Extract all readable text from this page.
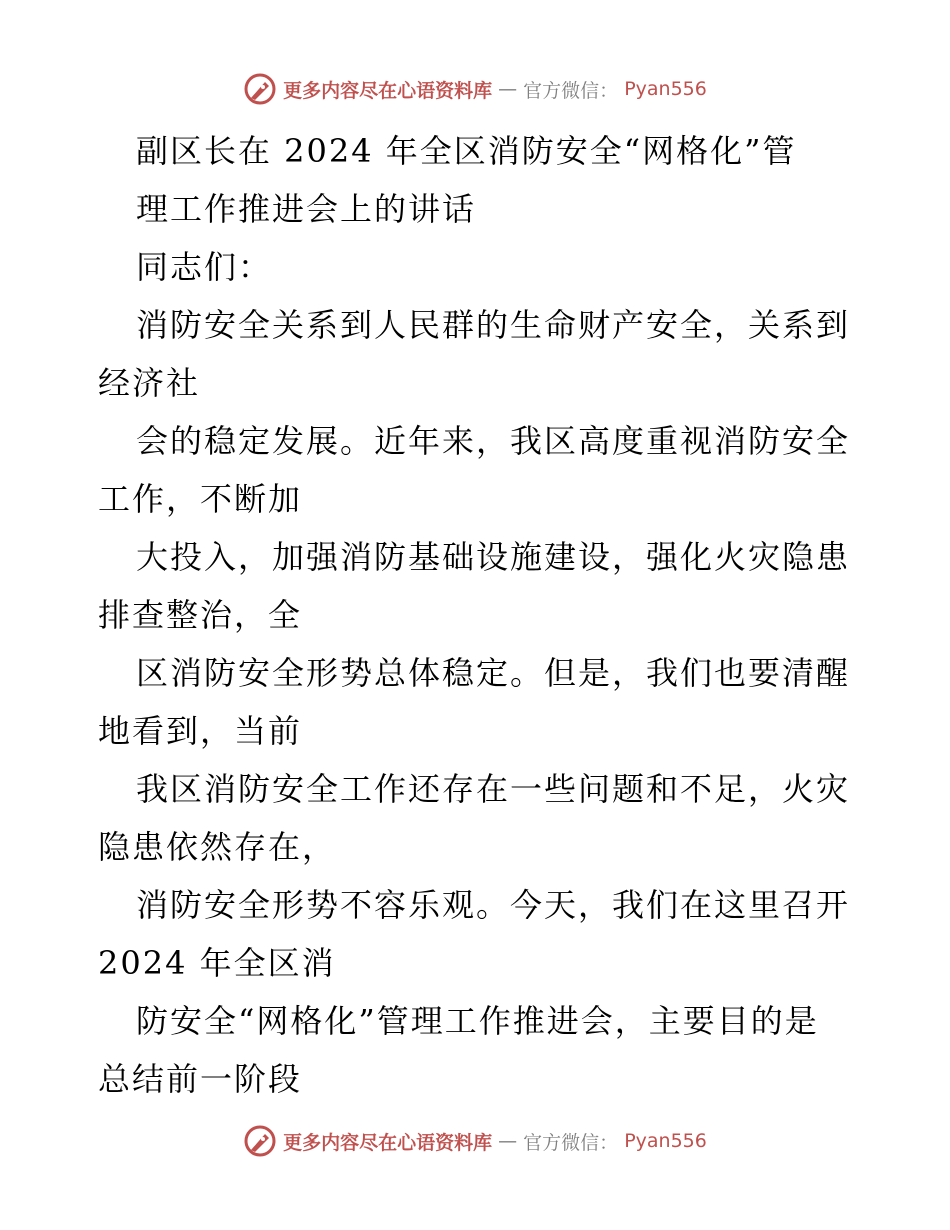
更多内容尽在心语资料库 — 官方微信： Pyan556
副区长在 2024 年全区消防安全“网格化”管
理工作推进会上的讲话
同志们：
消防安全关系到人民群的生命财产安全，关系到
经济社
会的稳定发展。近年来，我区高度重视消防安全
工作，不断加
大投入，加强消防基础设施建设，强化火灾隐患
排查整治，全
区消防安全形势总体稳定。但是，我们也要清醒
地看到，当前
我区消防安全工作还存在一些问题和不足，火灾
隐患依然存在，
消防安全形势不容乐观。今天，我们在这里召开
2024 年全区消
防安全“网格化”管理工作推进会，主要目的是
总结前一阶段
更多内容尽在心语资料库 — 官方微信： Pyan556
